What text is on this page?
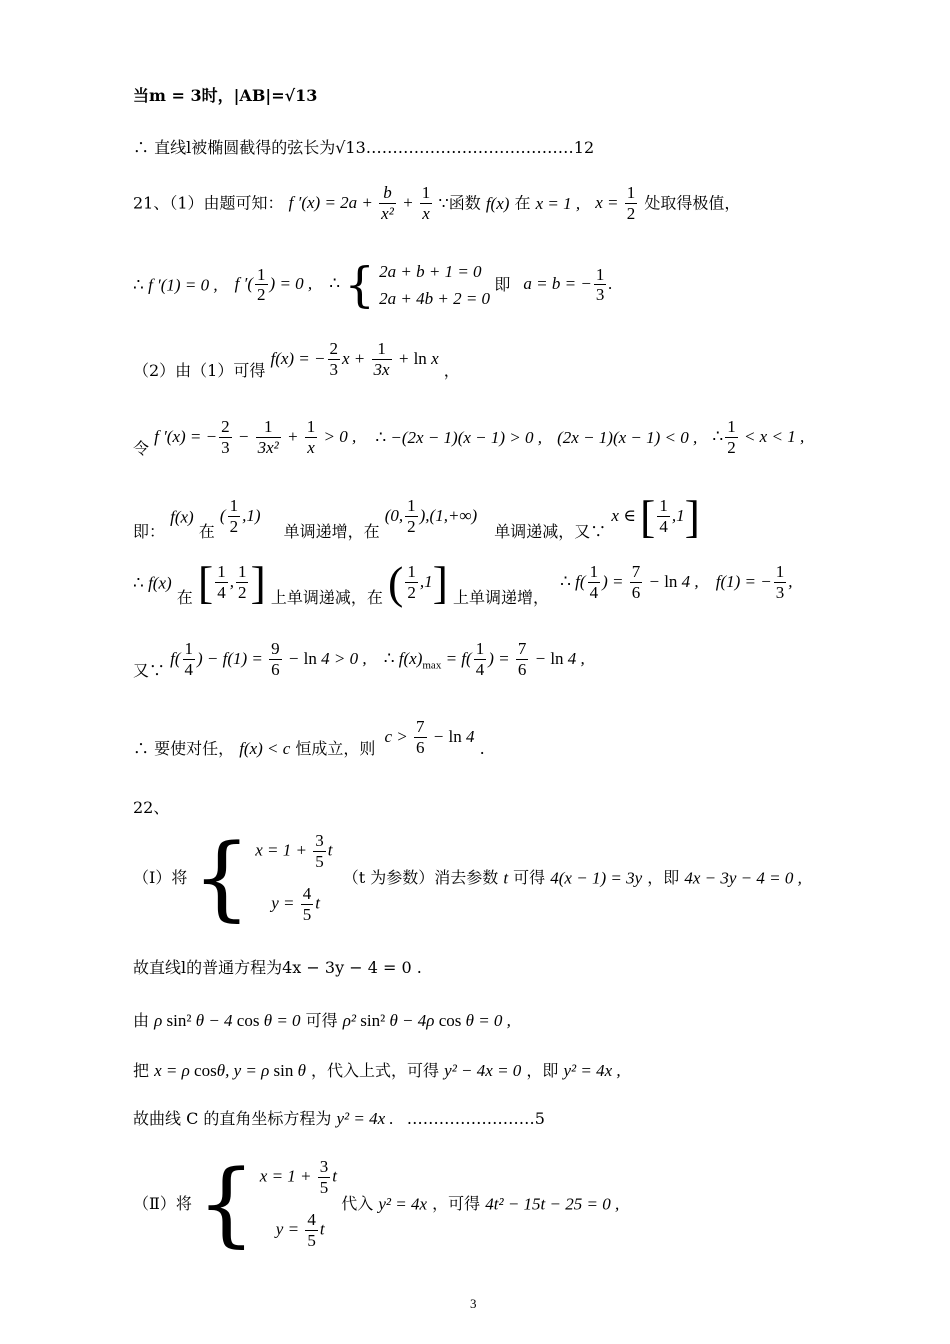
当m = 3时，|AB|=√13
∴ 直线l被椭圆截得的弦长为√13…………………………………12
21、（1）由题可知： f $'(x) = 2a + \frac{b}{\text{x²}} + \frac{1}{x}$ ∵函数 f(x) 在 x = 1 , $x = \frac{1}{2}$ 处取得极值，
∴ f ′(1) = 0 , f ′( $\frac{1}{2}$ ) = 0 , ∴ { 2a + b + 1 = 0
2a + 4b + 2 = 0
即 a = b = − $\frac{1}{3}$ .
（2）由（1）可得 f(x) = − $\frac{2}{3}$ $x + \frac{1}{3x} + \ln x$ ，
令 f ′(x) = − $\frac{2}{3} - \frac{1}{\text{3x²}} + \frac{1}{x} > 0$ , ∴ −(2x − 1)(x − 1) > 0 , (2x − 1)(x − 1) < 0 , ∴ $\frac{1}{2} < x < 1$ ,
即： f(x) 在 ( $\frac{1}{2} ,1$) 单调递增，在 (0, $\frac{1}{2} ),(1,+\infty)$ 单调递减，又∵ x ∈ [ $\frac{1}{4} ,1$]
∴ f(x) 在 [ $\frac{1}{4}$ , $\frac{1}{2}$ ] 上单调递减，在 ( $\frac{1}{2} ,1$] 上单调递增， ∴ $f( \frac{1}{4}$ ) = $\frac{7}{6} - \ln 4$ , f(1) = − $\frac{1}{3}$ ,
又∵ $f( \frac{1}{4}$ ) − $f(1) = \frac{9}{6} - \ln 4 > 0$ , ∴ $f(x)_{max} = f( \frac{1}{4}$ ) = $\frac{7}{6} - \ln 4$ ,
∴ 要使对任， f(x) < c 恒成立，则 $c > \frac{7}{6} - \ln 4$ .
22、
（Ⅰ）将 { $x = 1 + \frac{3}{5}$ t
$y = \frac{4}{5}$ t
（t 为参数）消去参数 t 可得 4(x − 1) = 3y ，即 4x − 3y − 4 = 0 ,
故直线l的普通方程为4x − 3y − 4 = 0 .
由 ρ sin² θ − 4 cos θ = 0 可得 ρ² sin² θ − 4ρ cos θ = 0 ,
把 x = ρ cosθ, y = ρ sin θ ，代入上式，可得 y² − 4x = 0 ，即 y² = 4x ,
故曲线 C 的直角坐标方程为 y² = 4x . ……………………5
（Ⅱ）将 { $x = 1 + \frac{3}{5}$ t
$y = \frac{4}{5}$ t
代入 y² = 4x ，可得 4t² − 15t − 25 = 0 ,
3
